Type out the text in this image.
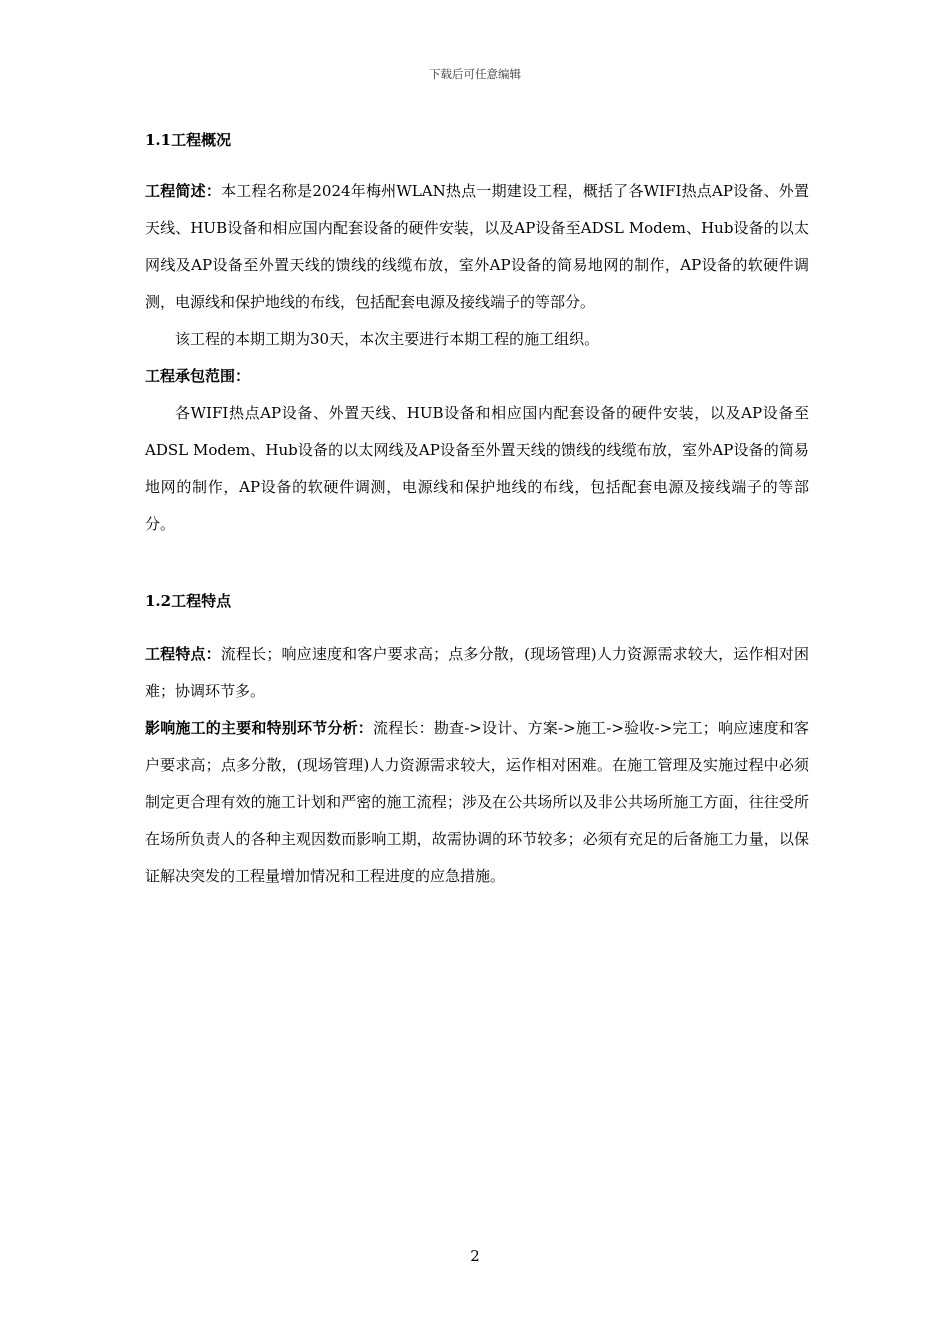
下载后可任意编辑

1.1工程概况

工程简述：本工程名称是2024年梅州WLAN热点一期建设工程，概括了各WIFI热点AP设备、外置天线、HUB设备和相应国内配套设备的硬件安装，以及AP设备至ADSL Modem、Hub设备的以太网线及AP设备至外置天线的馈线的线缆布放，室外AP设备的简易地网的制作，AP设备的软硬件调测，电源线和保护地线的布线，包括配套电源及接线端子的等部分。

该工程的本期工期为30天，本次主要进行本期工程的施工组织。

工程承包范围：

各WIFI热点AP设备、外置天线、HUB设备和相应国内配套设备的硬件安装，以及AP设备至ADSL Modem、Hub设备的以太网线及AP设备至外置天线的馈线的线缆布放，室外AP设备的简易地网的制作，AP设备的软硬件调测，电源线和保护地线的布线，包括配套电源及接线端子的等部分。

1.2工程特点

工程特点：流程长；响应速度和客户要求高；点多分散，(现场管理)人力资源需求较大，运作相对困难；协调环节多。

影响施工的主要和特别环节分析：流程长：勘查->设计、方案->施工->验收->完工；响应速度和客户要求高；点多分散，(现场管理)人力资源需求较大，运作相对困难。在施工管理及实施过程中必须制定更合理有效的施工计划和严密的施工流程；涉及在公共场所以及非公共场所施工方面，往往受所在场所负责人的各种主观因数而影响工期，故需协调的环节较多；必须有充足的后备施工力量，以保证解决突发的工程量增加情况和工程进度的应急措施。

2
